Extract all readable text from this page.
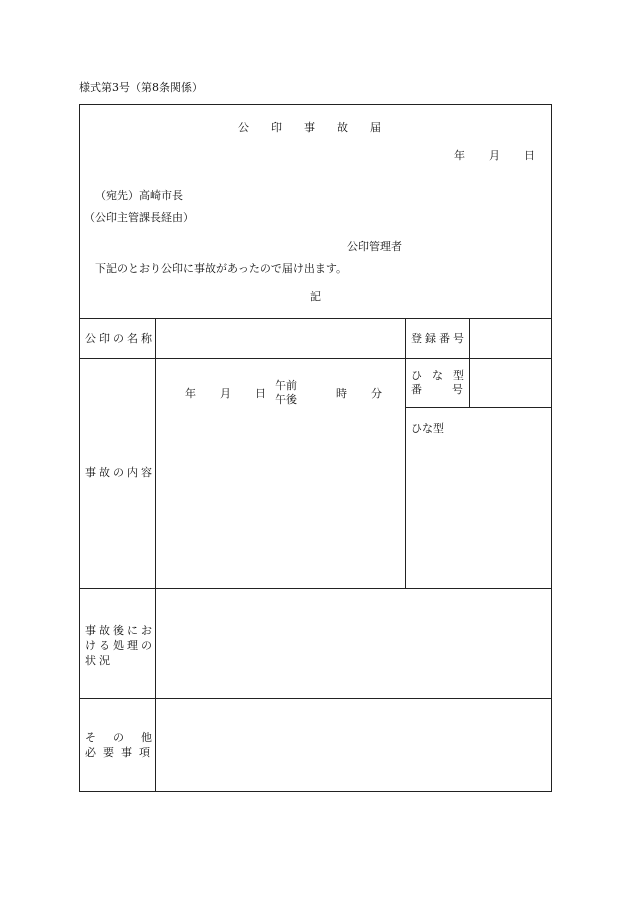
様式第3号（第8条関係）
公 印 事 故 届
年 月 日
（宛先）高崎市長
（公印主管課長経由）
公印管理者
下記のとおり公印に事故があったので届け出ます。
記
公印の名称	登録番号
事故の内容
年 月 日
午前
午後	時 分
ひな型
番号
ひな型
事故後にお
ける処理の
状況
その他
必要事項
